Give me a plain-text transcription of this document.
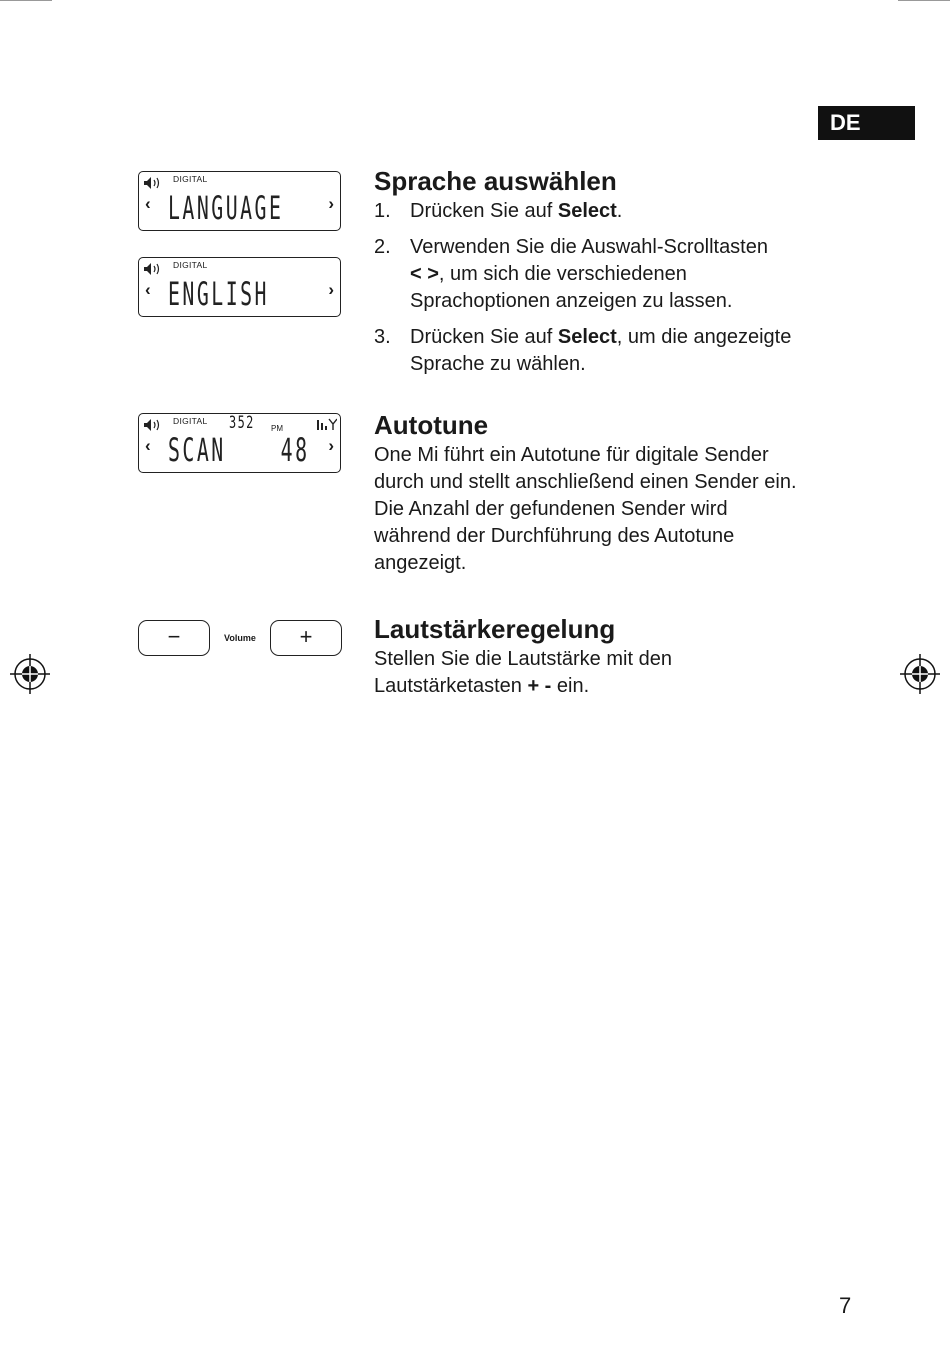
DE
DIGITAL
‹ LANGUAGE	›
DIGITAL
‹ ENGLISH	›
DIGITAL 352 PM
‹ SCAN 48 ›
−	Volume	+
Sprache auswählen
1. Drücken Sie auf Select.
2. Verwenden Sie die Auswahl-Scrolltasten
< >, um sich die verschiedenen Sprachoptionen anzeigen zu lassen.
3. Drücken Sie auf Select, um die angezeigte Sprache zu wählen.
Autotune

One Mi führt ein Autotune für digitale Sender durch und stellt anschließend einen Sender ein. Die Anzahl der gefundenen Sender wird während der Durchführung des Autotune angezeigt.

Lautstärkeregelung

Stellen Sie die Lautstärke mit den Lautstärketasten + - ein.

7
